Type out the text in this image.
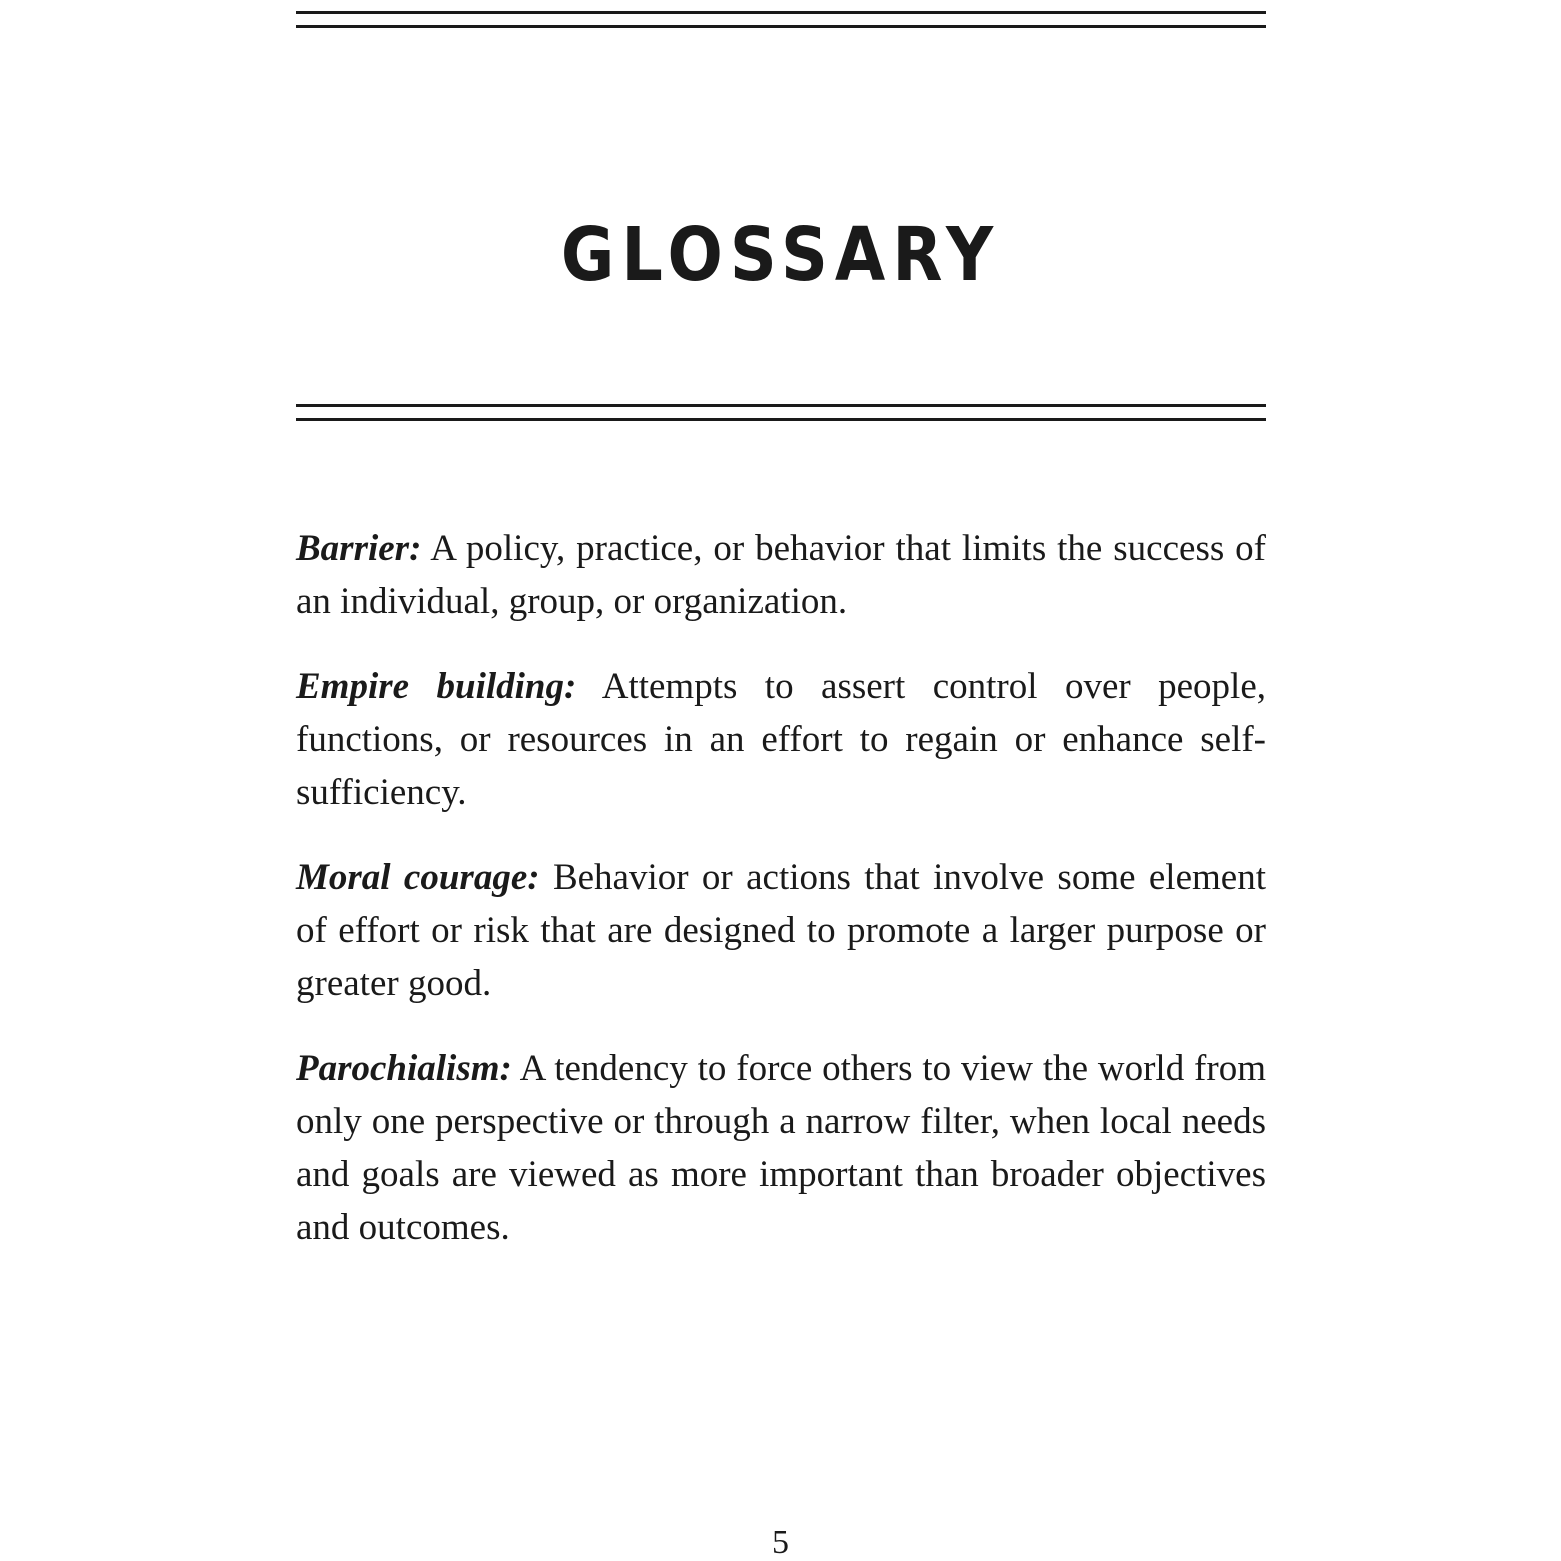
GLOSSARY

Barrier: A policy, practice, or behavior that limits the success of an individual, group, or organization.

Empire building: Attempts to assert control over people, functions, or resources in an effort to regain or enhance self-sufficiency.

Moral courage: Behavior or actions that involve some element of effort or risk that are designed to promote a larger purpose or greater good.

Parochialism: A tendency to force others to view the world from only one perspective or through a narrow filter, when local needs and goals are viewed as more important than broader objectives and outcomes.

5
